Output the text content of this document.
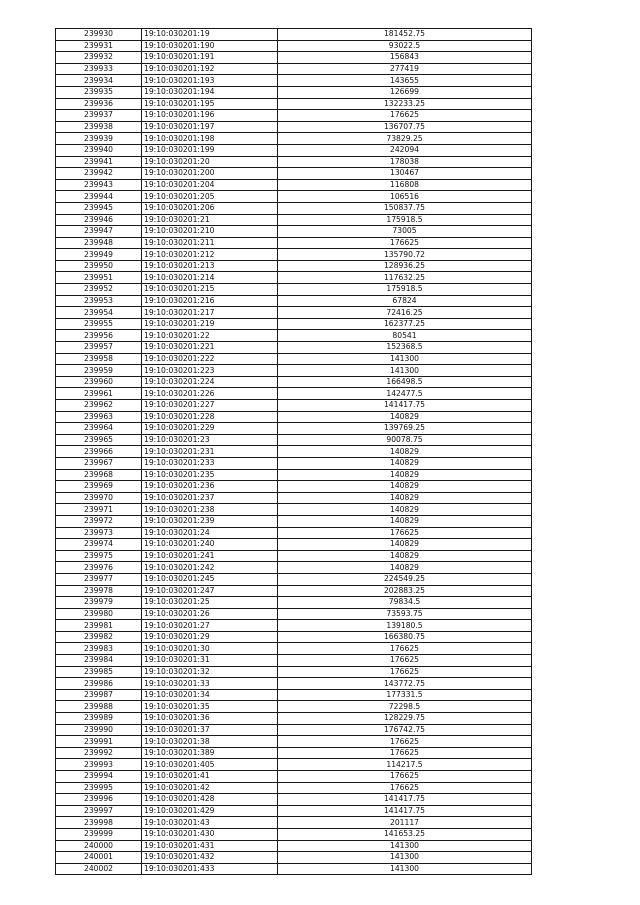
239930	19:10:030201:19	181452.75
239931	19:10:030201:190	93022.5
239932	19:10:030201:191	156843
239933	19:10:030201:192	277419
239934	19:10:030201:193	143655
239935	19:10:030201:194	126699
239936	19:10:030201:195	132233.25
239937	19:10:030201:196	176625
239938	19:10:030201:197	136707.75
239939	19:10:030201:198	73829.25
239940	19:10:030201:199	242094
239941	19:10:030201:20	178038
239942	19:10:030201:200	130467
239943	19:10:030201:204	116808
239944	19:10:030201:205	106516
239945	19:10:030201:206	150837.75
239946	19:10:030201:21	175918.5
239947	19:10:030201:210	73005
239948	19:10:030201:211	176625
239949	19:10:030201:212	135790.72
239950	19:10:030201:213	128936.25
239951	19:10:030201:214	117632.25
239952	19:10:030201:215	175918.5
239953	19:10:030201:216	67824
239954	19:10:030201:217	72416.25
239955	19:10:030201:219	162377.25
239956	19:10:030201:22	80541
239957	19:10:030201:221	152368.5
239958	19:10:030201:222	141300
239959	19:10:030201:223	141300
239960	19:10:030201:224	166498.5
239961	19:10:030201:226	142477.5
239962	19:10:030201:227	141417.75
239963	19:10:030201:228	140829
239964	19:10:030201:229	139769.25
239965	19:10:030201:23	90078.75
239966	19:10:030201:231	140829
239967	19:10:030201:233	140829
239968	19:10:030201:235	140829
239969	19:10:030201:236	140829
239970	19:10:030201:237	140829
239971	19:10:030201:238	140829
239972	19:10:030201:239	140829
239973	19:10:030201:24	176625
239974	19:10:030201:240	140829
239975	19:10:030201:241	140829
239976	19:10:030201:242	140829
239977	19:10:030201:245	224549.25
239978	19:10:030201:247	202883.25
239979	19:10:030201:25	79834.5
239980	19:10:030201:26	73593.75
239981	19:10:030201:27	139180.5
239982	19:10:030201:29	166380.75
239983	19:10:030201:30	176625
239984	19:10:030201:31	176625
239985	19:10:030201:32	176625
239986	19:10:030201:33	143772.75
239987	19:10:030201:34	177331.5
239988	19:10:030201:35	72298.5
239989	19:10:030201:36	128229.75
239990	19:10:030201:37	176742.75
239991	19:10:030201:38	176625
239992	19:10:030201:389	176625
239993	19:10:030201:405	114217.5
239994	19:10:030201:41	176625
239995	19:10:030201:42	176625
239996	19:10:030201:428	141417.75
239997	19:10:030201:429	141417.75
239998	19:10:030201:43	201117
239999	19:10:030201:430	141653.25
240000	19:10:030201:431	141300
240001	19:10:030201:432	141300
240002	19:10:030201:433	141300
